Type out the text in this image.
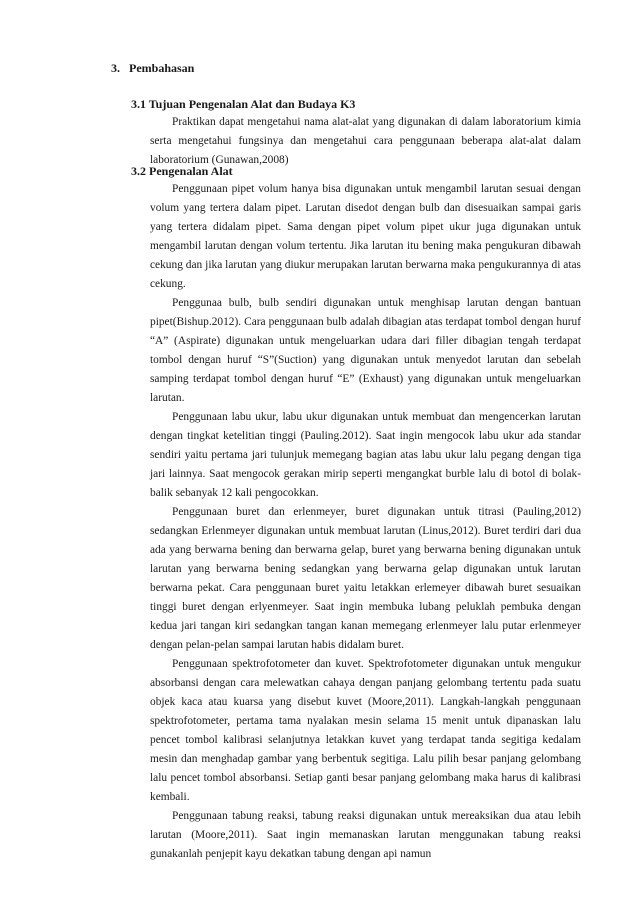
3. Pembahasan
3.1 Tujuan Pengenalan Alat dan Budaya K3

Praktikan dapat mengetahui nama alat-alat yang digunakan di dalam laboratorium kimia serta mengetahui fungsinya dan mengetahui cara penggunaan beberapa alat-alat dalam laboratorium (Gunawan,2008)

3.2 Pengenalan Alat

Penggunaan pipet volum hanya bisa digunakan untuk mengambil larutan sesuai dengan volum yang tertera dalam pipet. Larutan disedot dengan bulb dan disesuaikan sampai garis yang tertera didalam pipet. Sama dengan pipet volum pipet ukur juga digunakan untuk mengambil larutan dengan volum tertentu. Jika larutan itu bening maka pengukuran dibawah cekung dan jika larutan yang diukur merupakan larutan berwarna maka pengukurannya di atas cekung.

Penggunaa bulb, bulb sendiri digunakan untuk menghisap larutan dengan bantuan pipet(Bishup.2012). Cara penggunaan bulb adalah dibagian atas terdapat tombol dengan huruf “A” (Aspirate) digunakan untuk mengeluarkan udara dari filler dibagian tengah terdapat tombol dengan huruf “S”(Suction) yang digunakan untuk menyedot larutan dan sebelah samping terdapat tombol dengan huruf “E” (Exhaust) yang digunakan untuk mengeluarkan larutan.

Penggunaan labu ukur, labu ukur digunakan untuk membuat dan mengencerkan larutan dengan tingkat ketelitian tinggi (Pauling.2012). Saat ingin mengocok labu ukur ada standar sendiri yaitu pertama jari tulunjuk memegang bagian atas labu ukur lalu pegang dengan tiga jari lainnya. Saat mengocok gerakan mirip seperti mengangkat burble lalu di botol di bolak-balik sebanyak 12 kali pengocokkan.

Penggunaan buret dan erlenmeyer, buret digunakan untuk titrasi (Pauling,2012) sedangkan Erlenmeyer digunakan untuk membuat larutan (Linus,2012). Buret terdiri dari dua ada yang berwarna bening dan berwarna gelap, buret yang berwarna bening digunakan untuk larutan yang berwarna bening sedangkan yang berwarna gelap digunakan untuk larutan berwarna pekat. Cara penggunaan buret yaitu letakkan erlemeyer dibawah buret sesuaikan tinggi buret dengan erlyenmeyer. Saat ingin membuka lubang peluklah pembuka dengan kedua jari tangan kiri sedangkan tangan kanan memegang erlenmeyer lalu putar erlenmeyer dengan pelan-pelan sampai larutan habis didalam buret.

Penggunaan spektrofotometer dan kuvet. Spektrofotometer digunakan untuk mengukur absorbansi dengan cara melewatkan cahaya dengan panjang gelombang tertentu pada suatu objek kaca atau kuarsa yang disebut kuvet (Moore,2011). Langkah-langkah penggunaan spektrofotometer, pertama tama nyalakan mesin selama 15 menit untuk dipanaskan lalu pencet tombol kalibrasi selanjutnya letakkan kuvet yang terdapat tanda segitiga kedalam mesin dan menghadap gambar yang berbentuk segitiga. Lalu pilih besar panjang gelombang lalu pencet tombol absorbansi. Setiap ganti besar panjang gelombang maka harus di kalibrasi kembali.

Penggunaan tabung reaksi, tabung reaksi digunakan untuk mereaksikan dua atau lebih larutan (Moore,2011). Saat ingin memanaskan larutan menggunakan tabung reaksi gunakanlah penjepit kayu dekatkan tabung dengan api namun
